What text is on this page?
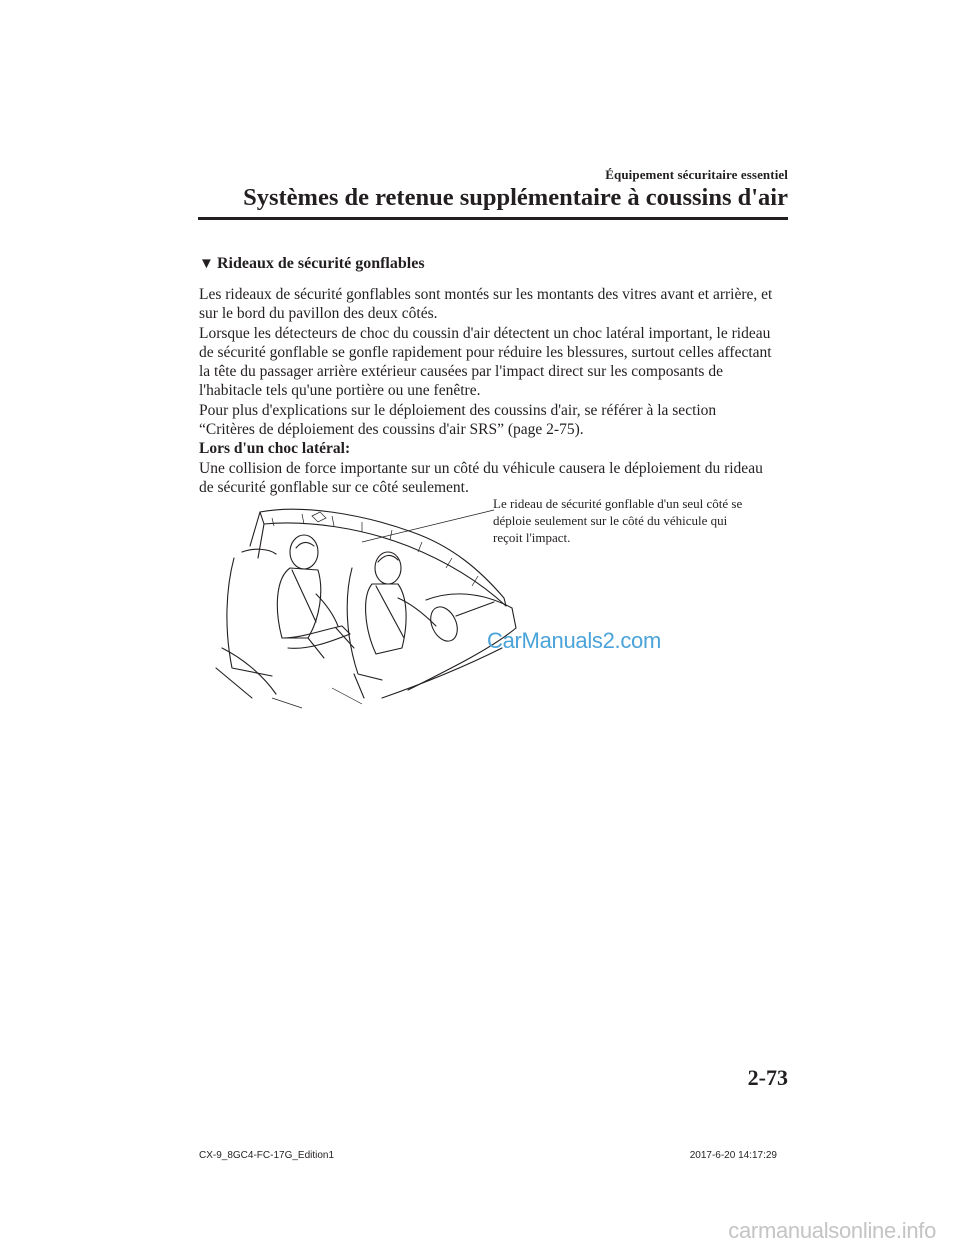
Équipement sécuritaire essentiel
Systèmes de retenue supplémentaire à coussins d'air
▼ Rideaux de sécurité gonflables

Les rideaux de sécurité gonflables sont montés sur les montants des vitres avant et arrière, et

sur le bord du pavillon des deux côtés.

Lorsque les détecteurs de choc du coussin d'air détectent un choc latéral important, le rideau

de sécurité gonflable se gonfle rapidement pour réduire les blessures, surtout celles affectant

la tête du passager arrière extérieur causées par l'impact direct sur les composants de

l'habitacle tels qu'une portière ou une fenêtre.

Pour plus d'explications sur le déploiement des coussins d'air, se référer à la section

“Critères de déploiement des coussins d'air SRS” (page 2-75).

Lors d'un choc latéral:

Une collision de force importante sur un côté du véhicule causera le déploiement du rideau

de sécurité gonflable sur ce côté seulement.

Le rideau de sécurité gonflable d'un seul côté se
déploie seulement sur le côté du véhicule qui
reçoit l'impact.
CarManuals2.com
2-73
CX-9_8GC4-FC-17G_Edition1	2017-6-20 14:17:29
carmanualsonline.info
